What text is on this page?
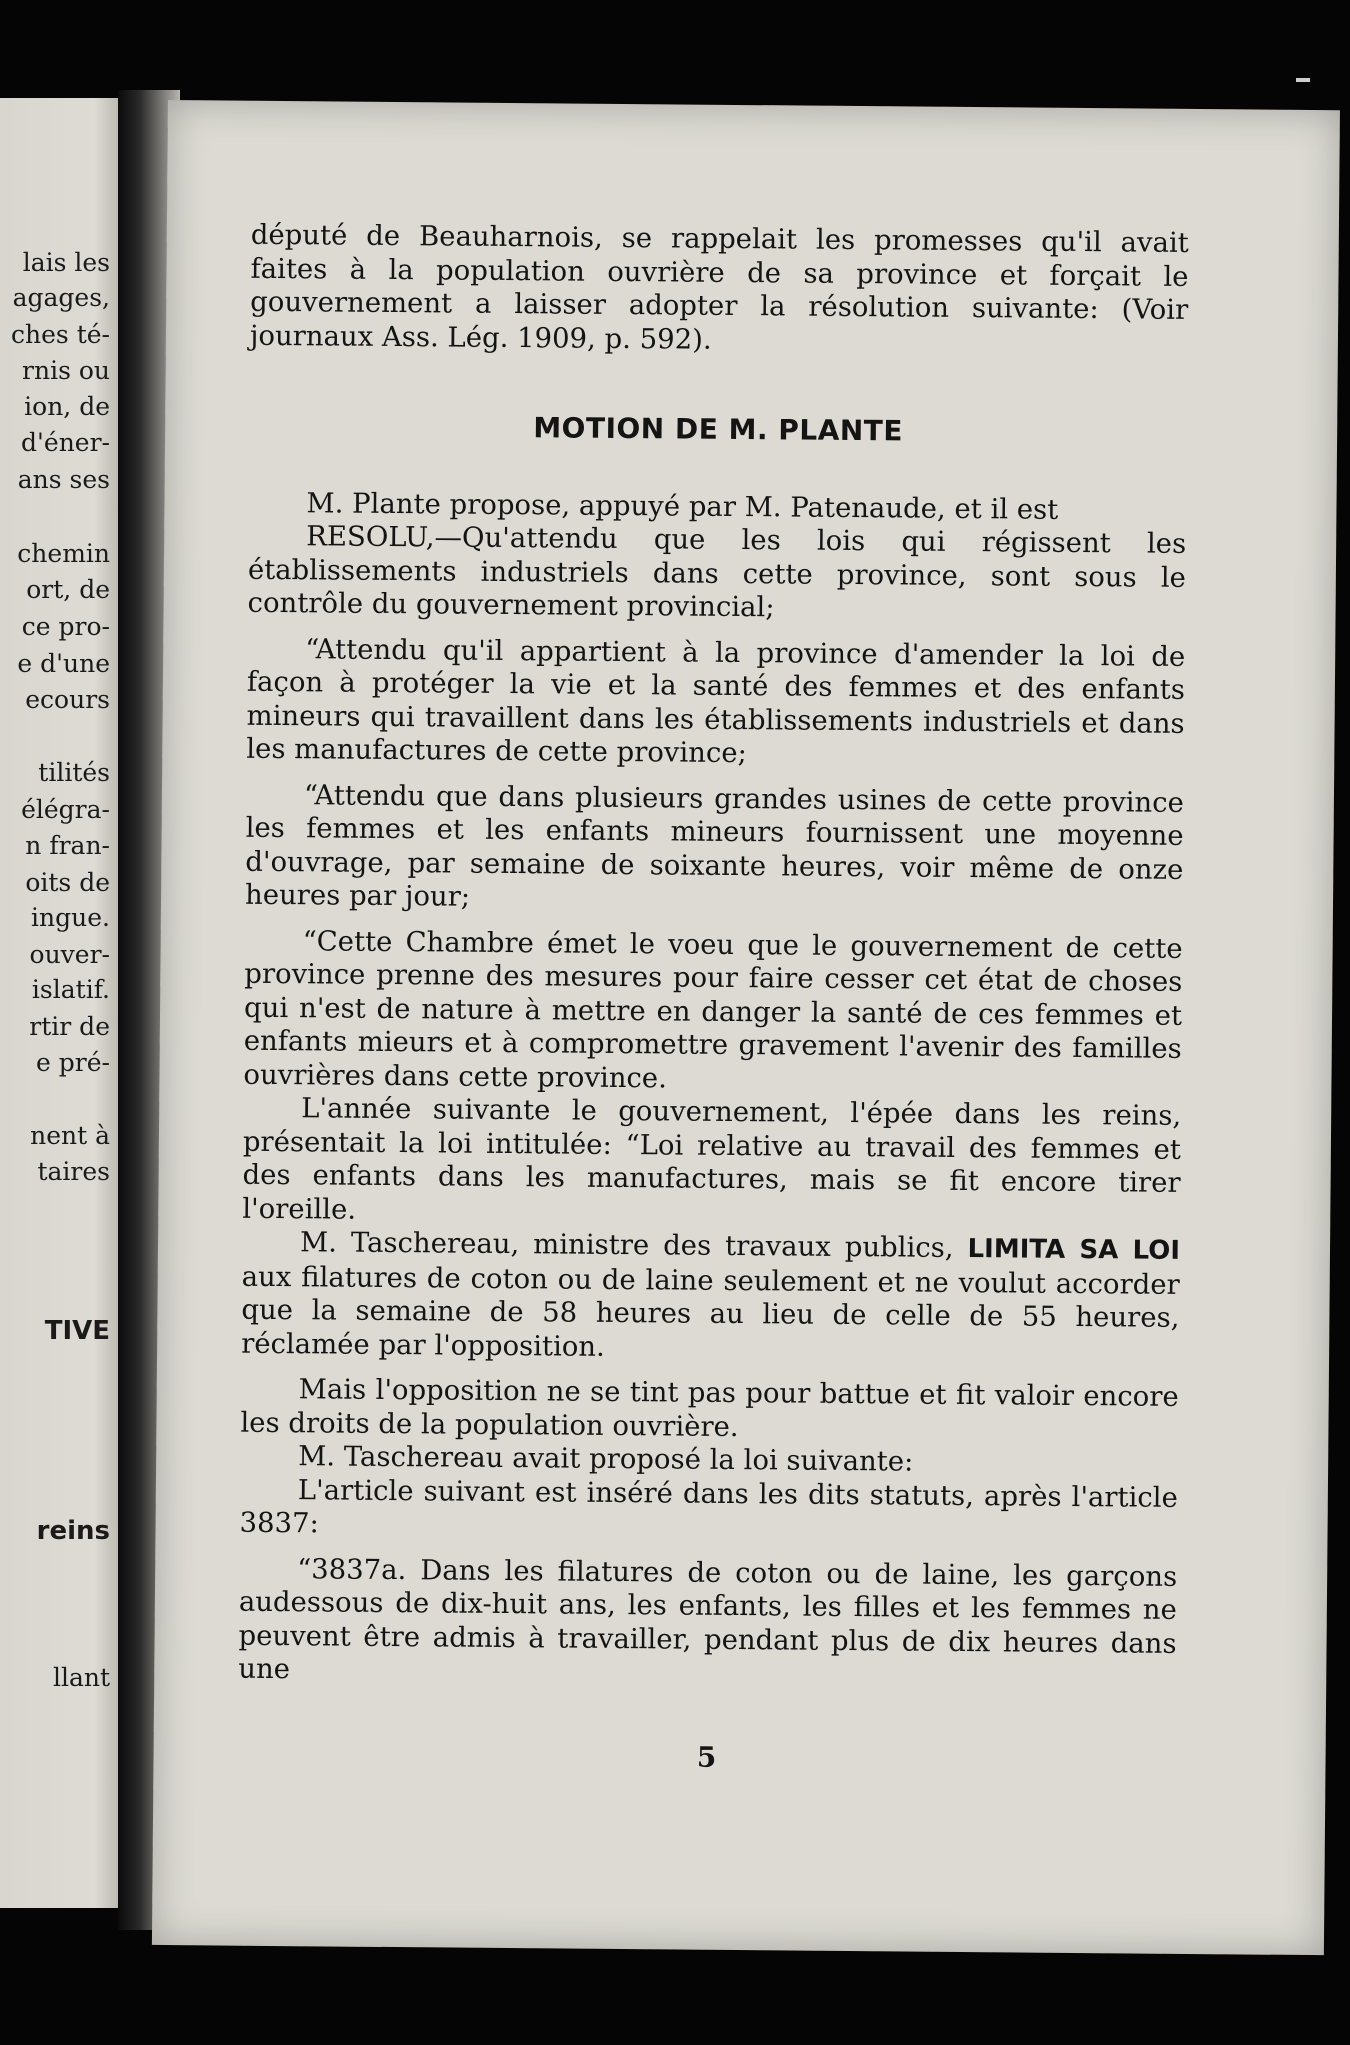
lais les
agages,
ches té-
rnis ou
ion, de
d'éner-
ans ses
chemin
ort, de
ce pro-
e d'une
ecours
tilités
élégra-
n fran-
oits de
ingue.
ouver-
islatif.
rtir de
e pré-
nent à
taires
TIVE
reins
llant

député de Beauharnois, se rappelait les promesses qu'il avait faites à la population ouvrière de sa province et forçait le gouvernement a laisser adopter la résolution suivante: (Voir journaux Ass. Lég. 1909, p. 592).

MOTION DE M. PLANTE

M. Plante propose, appuyé par M. Patenaude, et il est

RESOLU,—Qu'attendu que les lois qui régissent les établissements industriels dans cette province, sont sous le contrôle du gouvernement provincial;

“Attendu qu'il appartient à la province d'amender la loi de façon à protéger la vie et la santé des femmes et des enfants mineurs qui travaillent dans les établissements industriels et dans les manufactures de cette province;

“Attendu que dans plusieurs grandes usines de cette province les femmes et les enfants mineurs fournissent une moyenne d'ouvrage, par semaine de soixante heures, voir même de onze heures par jour;

“Cette Chambre émet le voeu que le gouvernement de cette province prenne des mesures pour faire cesser cet état de choses qui n'est de nature à mettre en danger la santé de ces femmes et enfants mieurs et à compromettre gravement l'avenir des familles ouvrières dans cette province.

L'année suivante le gouvernement, l'épée dans les reins, présentait la loi intitulée: “Loi relative au travail des femmes et des enfants dans les manufactures, mais se fit encore tirer l'oreille.

M. Taschereau, ministre des travaux publics, LIMITA SA LOI aux filatures de coton ou de laine seulement et ne voulut accorder que la semaine de 58 heures au lieu de celle de 55 heures, réclamée par l'opposition.

Mais l'opposition ne se tint pas pour battue et fit valoir encore les droits de la population ouvrière.

M. Taschereau avait proposé la loi suivante:

L'article suivant est inséré dans les dits statuts, après l'article 3837:

“3837a. Dans les filatures de coton ou de laine, les garçons audessous de dix-huit ans, les enfants, les filles et les femmes ne peuvent être admis à travailler, pendant plus de dix heures dans une

5
